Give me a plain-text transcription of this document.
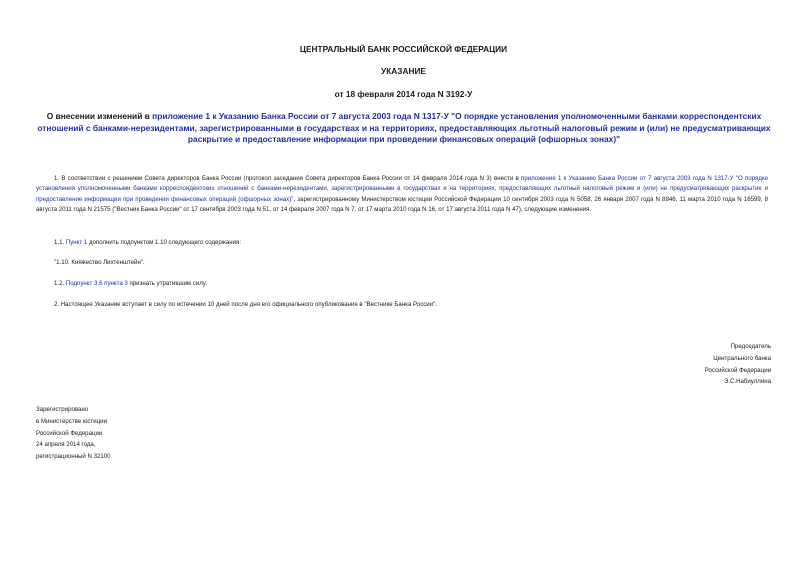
ЦЕНТРАЛЬНЫЙ БАНК РОССИЙСКОЙ ФЕДЕРАЦИИ
УКАЗАНИЕ
от 18 февраля 2014 года N 3192-У
О внесении изменений в приложение 1 к Указанию Банка России от 7 августа 2003 года N 1317-У "О порядке установления уполномоченными банками корреспондентских отношений с банками-нерезидентами, зарегистрированными в государствах и на территориях, предоставляющих льготный налоговый режим и (или) не предусматривающих раскрытие и предоставление информации при проведении финансовых операций (офшорных зонах)"
1. В соответствии с решением Совета директоров Банка России (протокол заседания Совета директоров Банка России от 14 февраля 2014 года N 3) внести в приложение 1 к Указанию Банка России от 7 августа 2003 года N 1317-У "О порядке установления уполномоченными банками корреспондентских отношений с банками-нерезидентами, зарегистрированными в государствах и на территориях, предоставляющих льготный налоговый режим и (или) не предусматривающих раскрытие и предоставление информации при проведении финансовых операций (офшорных зонах)", зарегистрированному Министерством юстиции Российской Федерации 10 сентября 2003 года N 5058, 26 января 2007 года N 8846, 11 марта 2010 года N 16599, 8 августа 2011 года N 21575 ("Вестник Банка России" от 17 сентября 2003 года N 51, от 14 февраля 2007 года N 7, от 17 марта 2010 года N 16, от 17 августа 2011 года N 47), следующие изменения.
1.1. Пункт 1 дополнить подпунктом 1.10 следующего содержания:
"1.10. Княжество Лихтенштейн".
1.2. Подпункт 3.6 пункта 3 признать утратившим силу.
2. Настоящее Указание вступает в силу по истечении 10 дней после дня его официального опубликования в "Вестнике Банка России".
Председатель
Центрального банка
Российской Федерации
Э.С.Набиуллина
Зарегистрировано
в Министерстве юстиции
Российской Федерации
24 апреля 2014 года,
регистрационный N 32100
